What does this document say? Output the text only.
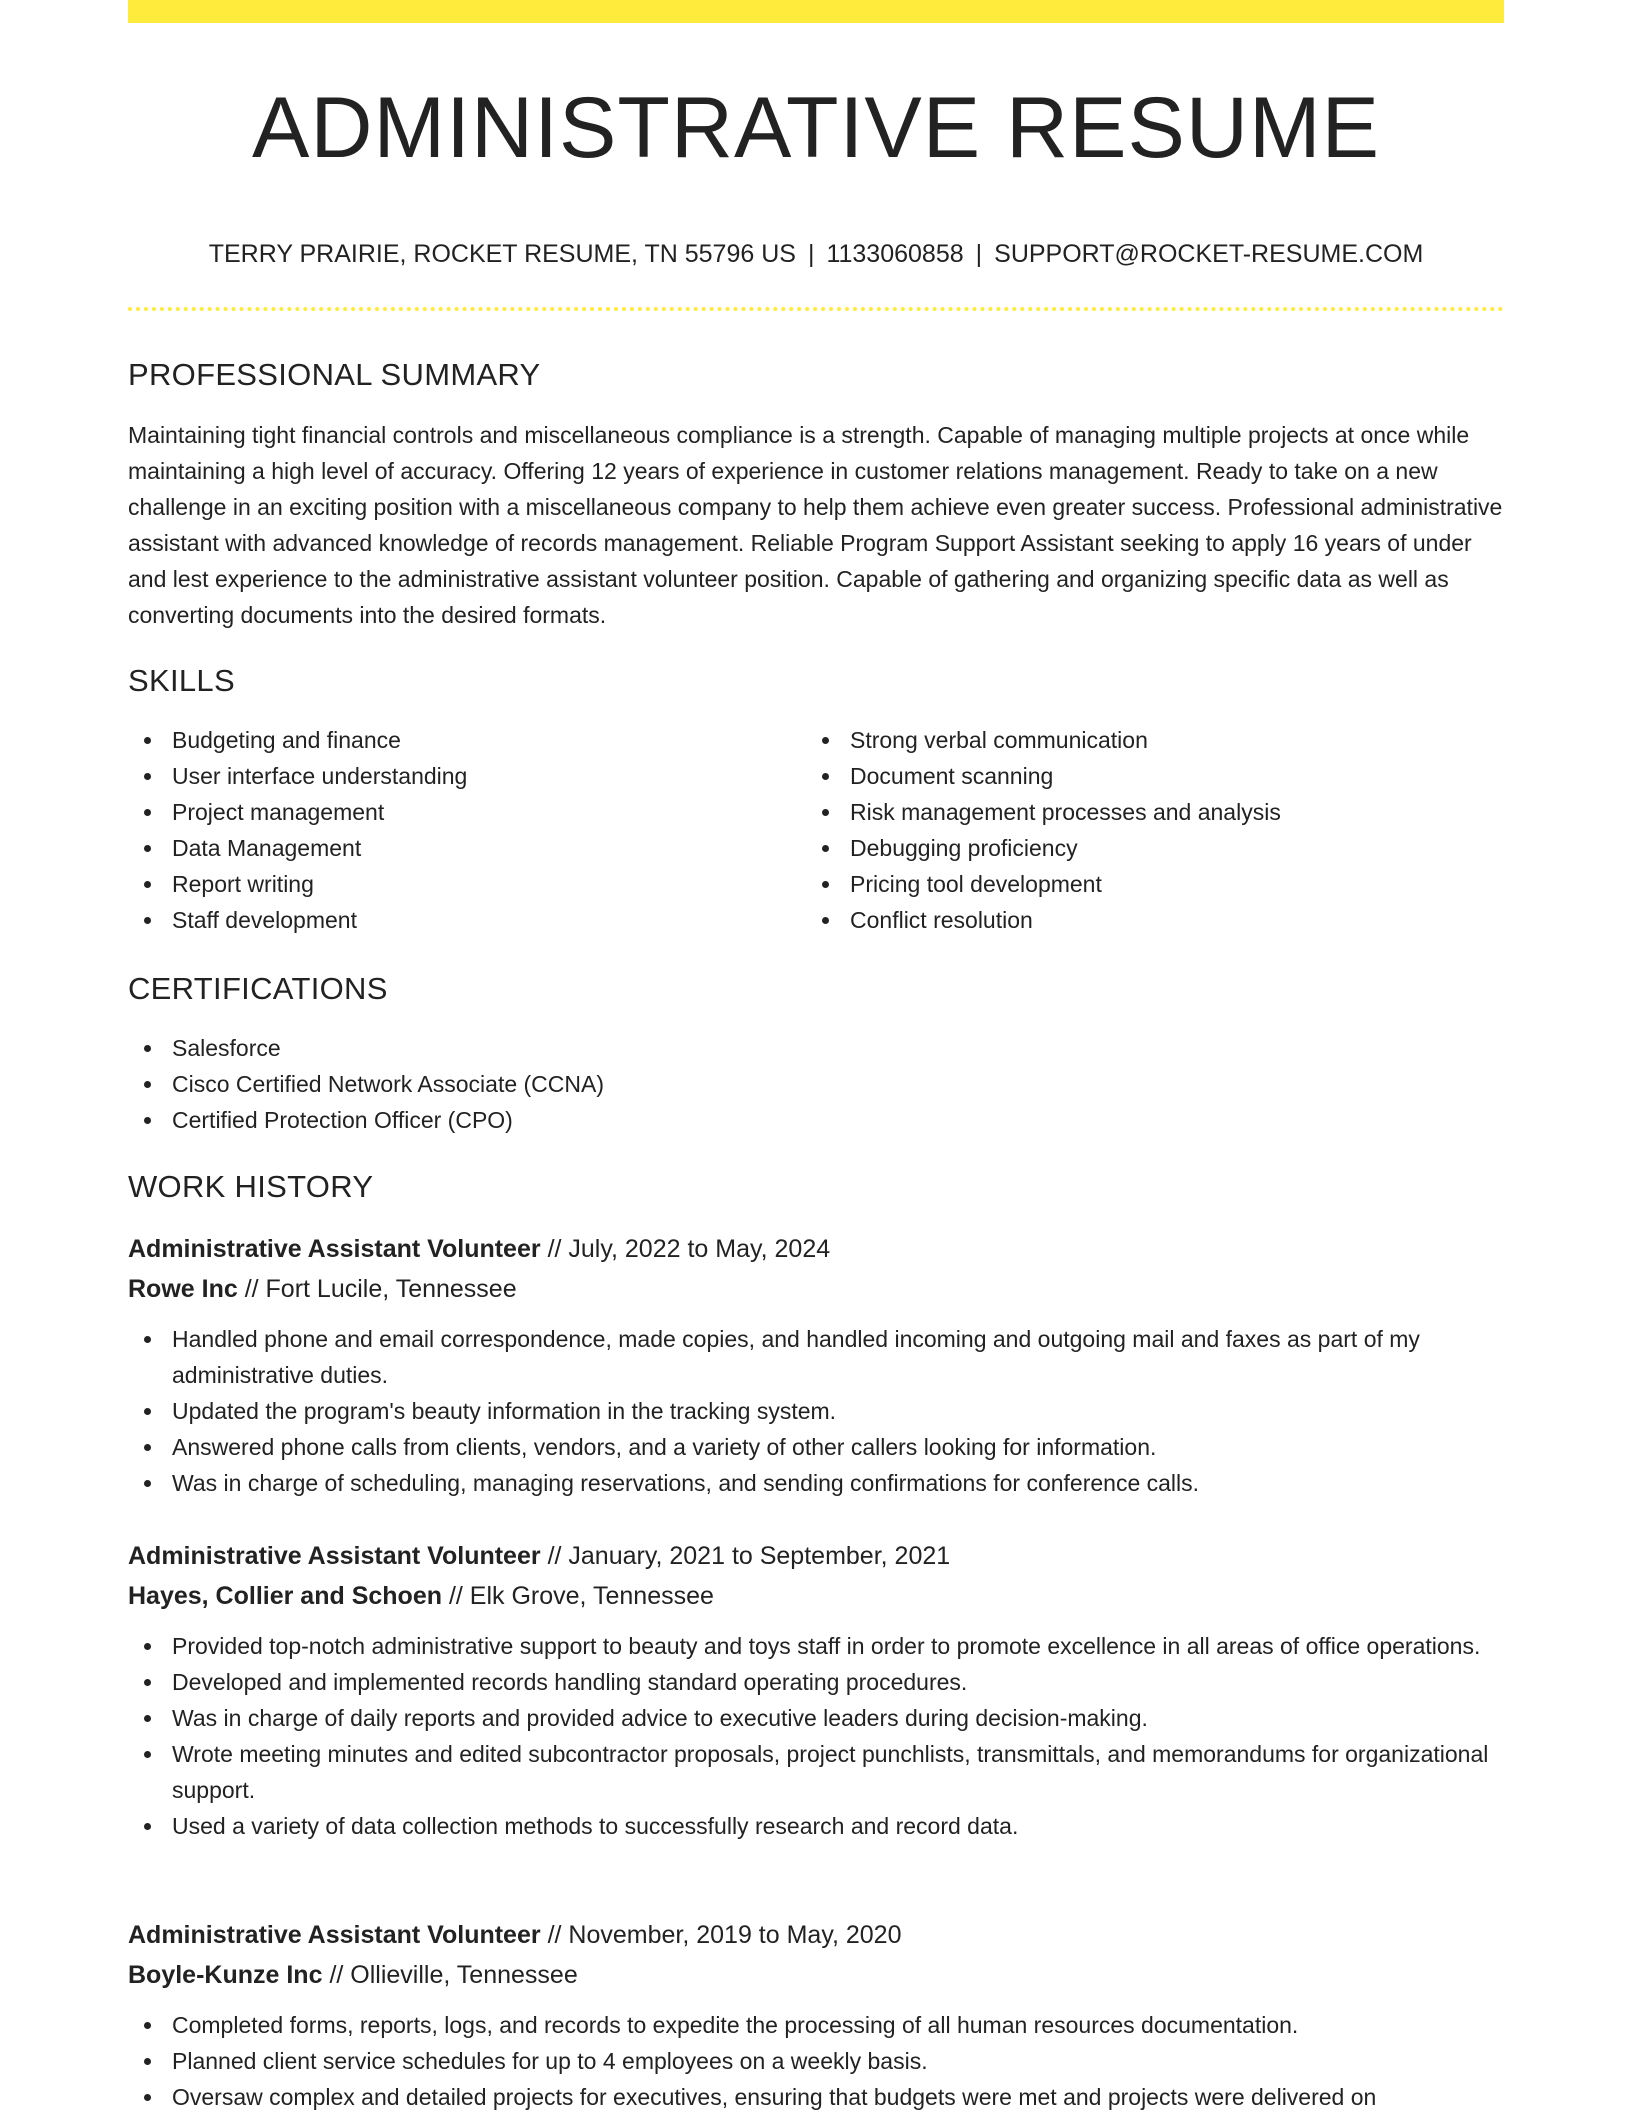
ADMINISTRATIVE RESUME
TERRY PRAIRIE, ROCKET RESUME, TN 55796 US | 1133060858 | SUPPORT@ROCKET-RESUME.COM
PROFESSIONAL SUMMARY

Maintaining tight financial controls and miscellaneous compliance is a strength. Capable of managing multiple projects at once while maintaining a high level of accuracy. Offering 12 years of experience in customer relations management. Ready to take on a new challenge in an exciting position with a miscellaneous company to help them achieve even greater success. Professional administrative assistant with advanced knowledge of records management. Reliable Program Support Assistant seeking to apply 16 years of under and lest experience to the administrative assistant volunteer position. Capable of gathering and organizing specific data as well as converting documents into the desired formats.

SKILLS
Budgeting and finance
User interface understanding
Project management
Data Management
Report writing
Staff development
Strong verbal communication
Document scanning
Risk management processes and analysis
Debugging proficiency
Pricing tool development
Conflict resolution
CERTIFICATIONS
Salesforce
Cisco Certified Network Associate (CCNA)
Certified Protection Officer (CPO)
WORK HISTORY
Administrative Assistant Volunteer // July, 2022 to May, 2024
Rowe Inc // Fort Lucile, Tennessee
Handled phone and email correspondence, made copies, and handled incoming and outgoing mail and faxes as part of my administrative duties.
Updated the program's beauty information in the tracking system.
Answered phone calls from clients, vendors, and a variety of other callers looking for information.
Was in charge of scheduling, managing reservations, and sending confirmations for conference calls.
Administrative Assistant Volunteer // January, 2021 to September, 2021
Hayes, Collier and Schoen // Elk Grove, Tennessee
Provided top-notch administrative support to beauty and toys staff in order to promote excellence in all areas of office operations.
Developed and implemented records handling standard operating procedures.
Was in charge of daily reports and provided advice to executive leaders during decision-making.
Wrote meeting minutes and edited subcontractor proposals, project punchlists, transmittals, and memorandums for organizational support.
Used a variety of data collection methods to successfully research and record data.
Administrative Assistant Volunteer // November, 2019 to May, 2020
Boyle-Kunze Inc // Ollieville, Tennessee
Completed forms, reports, logs, and records to expedite the processing of all human resources documentation.
Planned client service schedules for up to 4 employees on a weekly basis.
Oversaw complex and detailed projects for executives, ensuring that budgets were met and projects were delivered on
